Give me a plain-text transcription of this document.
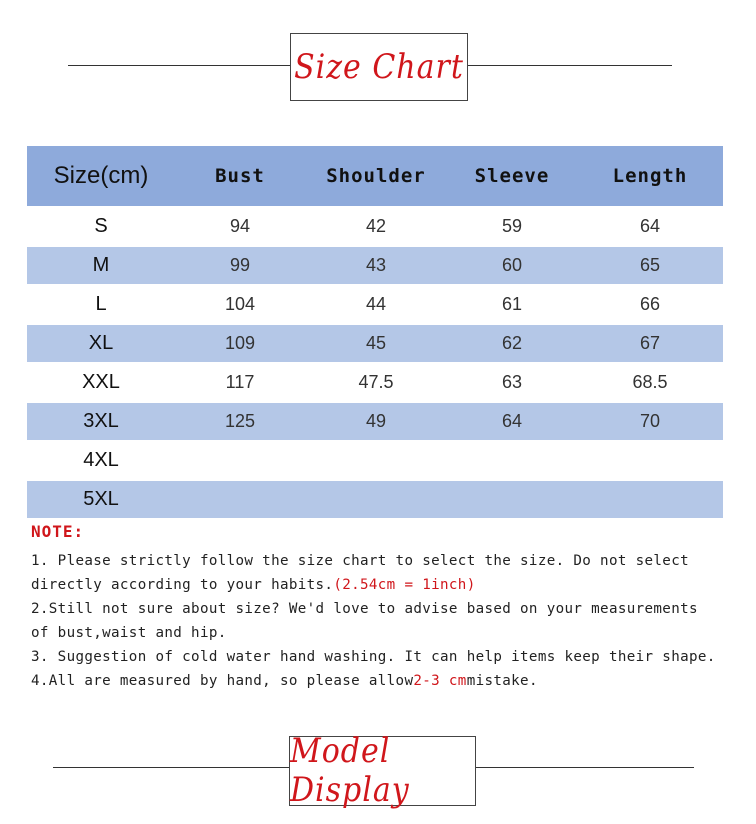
Size Chart
Size(cm)	Bust	Shoulder	Sleeve	Length
S	94	42	59	64
M	99	43	60	65
L	104	44	61	66
XL	109	45	62	67
XXL	117	47.5	63	68.5
3XL	125	49	64	70
4XL				
5XL				
NOTE:
1. Please strictly follow the size chart to select the size. Do not select
directly according to your habits.(2.54cm = 1inch)
2.Still not sure about size? We'd love to advise based on your measurements
of bust,waist and hip.
3. Suggestion of cold water hand washing. It can help items keep their shape.
4.All are measured by hand, so please allow2-3 cmmistake.
Model Display
